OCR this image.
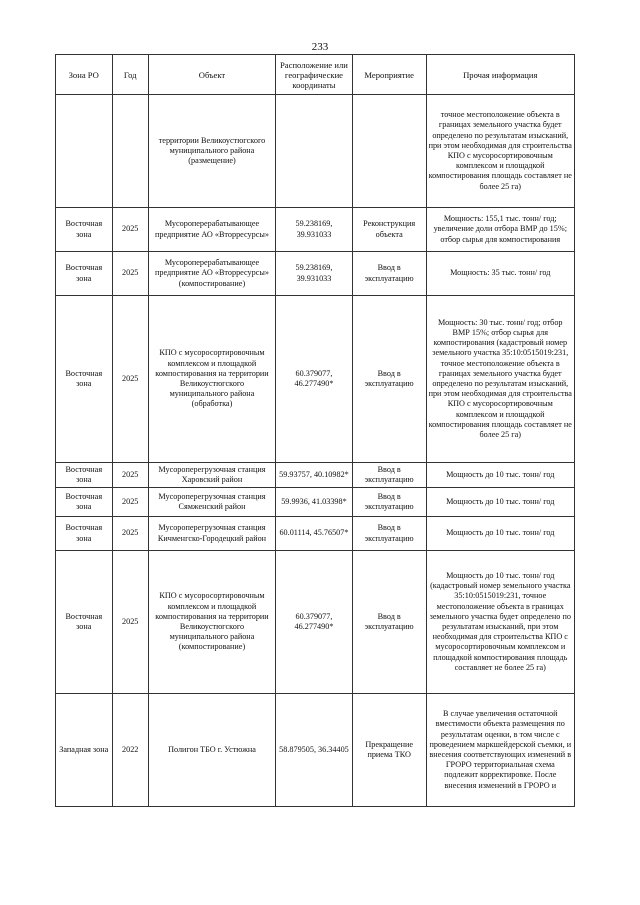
233
Зона РО	Год	Объект	Расположение или географические координаты	Мероприятие	Прочая информация
		территории Великоустюгского муниципального района (размещение)			точное местоположение объекта в границах земельного участка будет определено по результатам изысканий, при этом необходимая для строительства КПО с мусоросортировочным комплексом и площадкой компостирования площадь составляет не более 25 га)
Восточная зона	2025	Мусороперерабатывающее предприятие АО «Вторресурсы»	59.238169, 39.931033	Реконструкция объекта	Мощность: 155,1 тыс. тонн/ год; увеличение доли отбора ВМР до 15%; отбор сырья для компостирования
Восточная зона	2025	Мусороперерабатывающее предприятие АО «Вторресурсы» (компостирование)	59.238169, 39.931033	Ввод в эксплуатацию	Мощность: 35 тыс. тонн/ год
Восточная зона	2025	КПО с мусоросортировочным комплексом и площадкой компостирования на территории Великоустюгского муниципального района (обработка)	60.379077, 46.277490*	Ввод в эксплуатацию	Мощность: 30 тыс. тонн/ год; отбор ВМР 15%; отбор сырья для компостирования (кадастровый номер земельного участка 35:10:0515019:231, точное местоположение объекта в границах земельного участка будет определено по результатам изысканий, при этом необходимая для строительства КПО с мусоросортировочным комплексом и площадкой компостирования площадь составляет не более 25 га)
Восточная зона	2025	Мусороперегрузочная станция Харовский район	59.93757, 40.10982*	Ввод в эксплуатацию	Мощность до 10 тыс. тонн/ год
Восточная зона	2025	Мусороперегрузочная станция Сямженский район	59.9936, 41.03398*	Ввод в эксплуатацию	Мощность до 10 тыс. тонн/ год
Восточная зона	2025	Мусороперегрузочная станция Кичменгско-Городецкий район	60.01114, 45.76507*	Ввод в эксплуатацию	Мощность до 10 тыс. тонн/ год
Восточная зона	2025	КПО с мусоросортировочным комплексом и площадкой компостирования на территории Великоустюгского муниципального района (компостирование)	60.379077, 46.277490*	Ввод в эксплуатацию	Мощность до 10 тыс. тонн/ год (кадастровый номер земельного участка 35:10:0515019:231, точное местоположение объекта в границах земельного участка будет определено по результатам изысканий, при этом необходимая для строительства КПО с мусоросортировочным комплексом и площадкой компостирования площадь составляет не более 25 га)
Западная зона	2022	Полигон ТБО г. Устюжна	58.879505, 36.34405	Прекращение приема ТКО	В случае увеличения остаточной вместимости объекта размещения по результатам оценки, в том числе с проведением маркшейдерской съемки, и внесения соответствующих изменений в ГРОРО территориальная схема подлежит корректировке. После внесения изменений в ГРОРО и
